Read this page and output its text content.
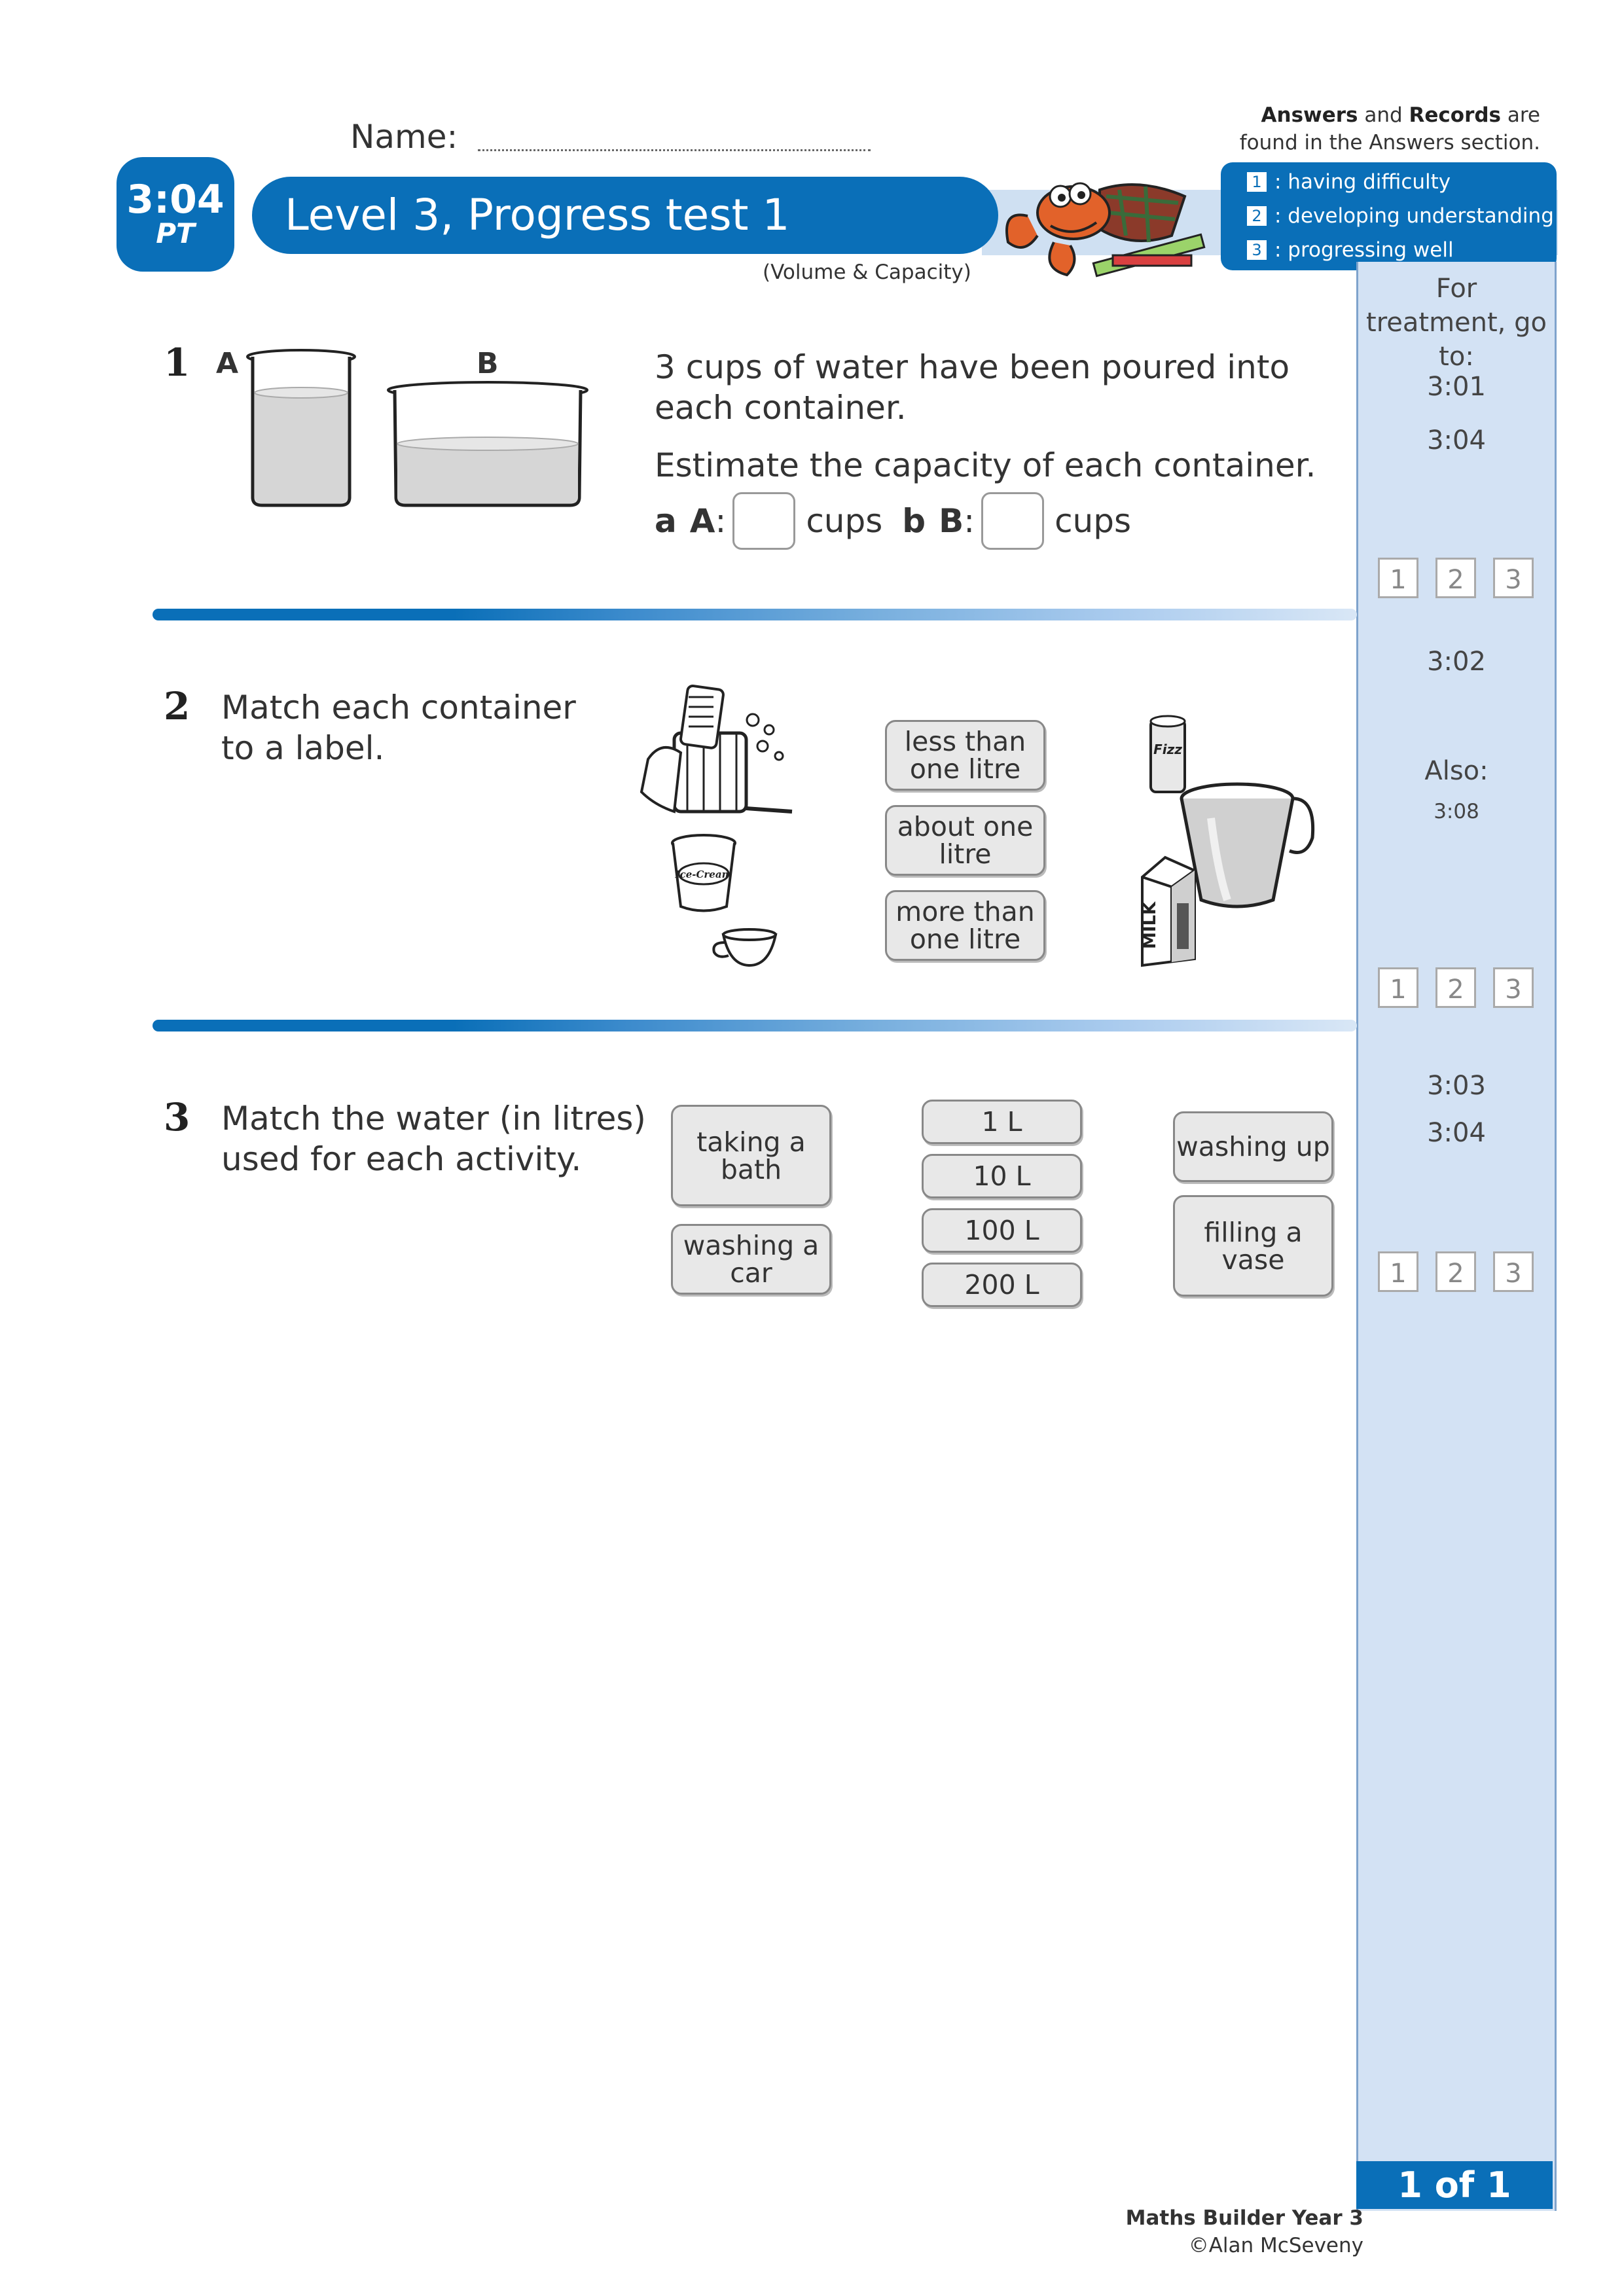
Name:
Answers and Records are
found in the Answers section.
Level 3, Progress test 1
3:04
PT
(Volume & Capacity)
1 : having difficulty
2 : developing understanding
3 : progressing well
For treatment, go to:
3:01
3:04
1	2	3
3:02
Also:
3:08
1	2	3
3:03
3:04
1	2	3
1 of 1
1 A	B	3 cups of water have been poured into each container.
Estimate the capacity of each container.
a A : cups b B : cups
2 Match each container to a label.
Ice-Cream
less than one litre
about one litre
more than one litre
Fizz
MILK
3 Match the water (in litres) used for each activity.	taking a bath
washing a car
1 L
10 L
100 L
200 L
washing up
filling a vase
Maths Builder Year 3
©Alan McSeveny
